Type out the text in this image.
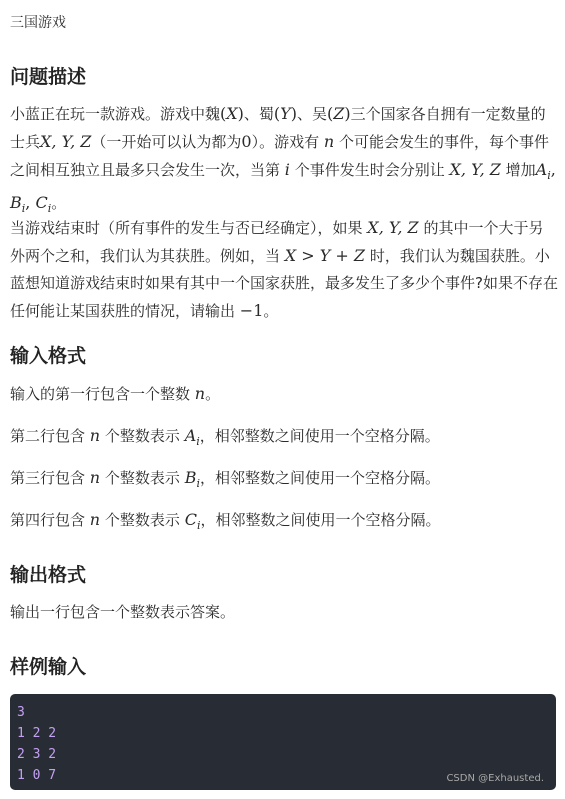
三国游戏
问题描述

小蓝正在玩一款游戏。游戏中魏(X)、蜀(Y)、吴(Z)三个国家各自拥有一定数量的士兵X, Y, Z（一开始可以认为都为0）。游戏有 n 个可能会发生的事件，每个事件之间相互独立且最多只会发生一次，当第 i 个事件发生时会分别让 X, Y, Z 增加$A_i$, $B_i$, $C_i$。

当游戏结束时（所有事件的发生与否已经确定），如果 X, Y, Z 的其中一个大于另外两个之和，我们认为其获胜。例如，当 X > Y + Z 时，我们认为魏国获胜。小蓝想知道游戏结束时如果有其中一个国家获胜，最多发生了多少个事件?如果不存在任何能让某国获胜的情况，请输出 −1。

输入格式

输入的第一行包含一个整数 n。

第二行包含 n 个整数表示 $A_i$，相邻整数之间使用一个空格分隔。

第三行包含 n 个整数表示 $B_i$，相邻整数之间使用一个空格分隔。

第四行包含 n 个整数表示 $C_i$，相邻整数之间使用一个空格分隔。

输出格式

输出一行包含一个整数表示答案。

样例输入
3
1 2 2
2 3 2
1 0 7	CSDN @Exhausted.
